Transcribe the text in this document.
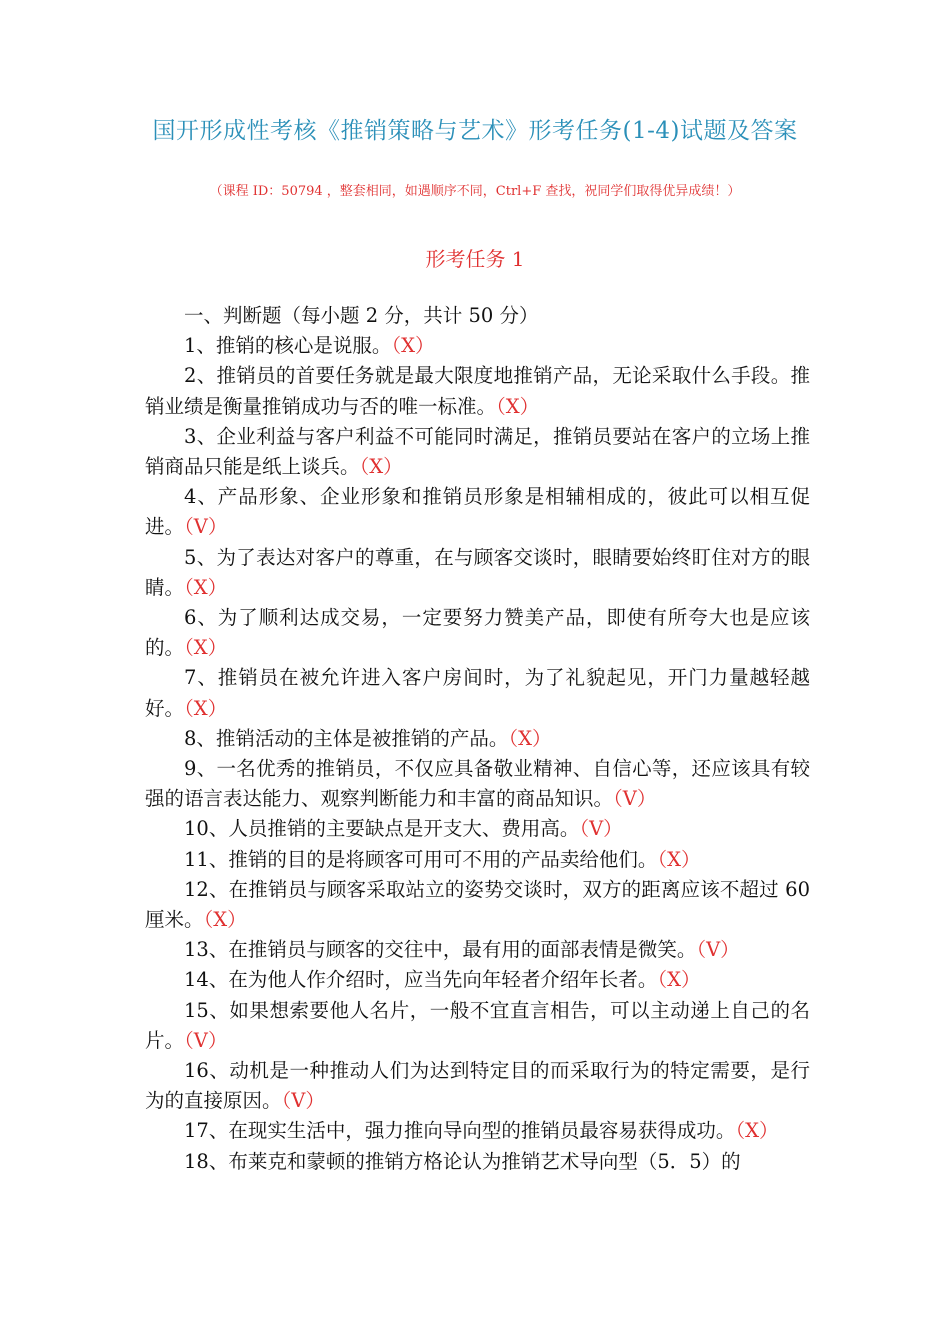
国开形成性考核《推销策略与艺术》形考任务(1-4)试题及答案
（课程 ID：50794 ，整套相同，如遇顺序不同，Ctrl+F 查找，祝同学们取得优异成绩！）
形考任务 1

一、判断题（每小题 2 分，共计 50 分）

1、推销的核心是说服。（X）

2、推销员的首要任务就是最大限度地推销产品，无论采取什么手段。推销业绩是衡量推销成功与否的唯一标准。（X）

3、企业利益与客户利益不可能同时满足，推销员要站在客户的立场上推销商品只能是纸上谈兵。（X）

4、产品形象、企业形象和推销员形象是相辅相成的，彼此可以相互促进。（V）

5、为了表达对客户的尊重，在与顾客交谈时，眼睛要始终盯住对方的眼睛。（X）

6、为了顺利达成交易，一定要努力赞美产品，即使有所夸大也是应该的。（X）

7、推销员在被允许进入客户房间时，为了礼貌起见，开门力量越轻越好。（X）

8、推销活动的主体是被推销的产品。（X）

9、一名优秀的推销员，不仅应具备敬业精神、自信心等，还应该具有较强的语言表达能力、观察判断能力和丰富的商品知识。（V）

10、人员推销的主要缺点是开支大、费用高。（V）

11、推销的目的是将顾客可用可不用的产品卖给他们。（X）

12、在推销员与顾客采取站立的姿势交谈时，双方的距离应该不超过 60 厘米。（X）

13、在推销员与顾客的交往中，最有用的面部表情是微笑。（V）

14、在为他人作介绍时，应当先向年轻者介绍年长者。（X）

15、如果想索要他人名片，一般不宜直言相告，可以主动递上自己的名片。（V）

16、动机是一种推动人们为达到特定目的而采取行为的特定需要，是行为的直接原因。（V）

17、在现实生活中，强力推向导向型的推销员最容易获得成功。（X）

18、布莱克和蒙顿的推销方格论认为推销艺术导向型（5．5）的
